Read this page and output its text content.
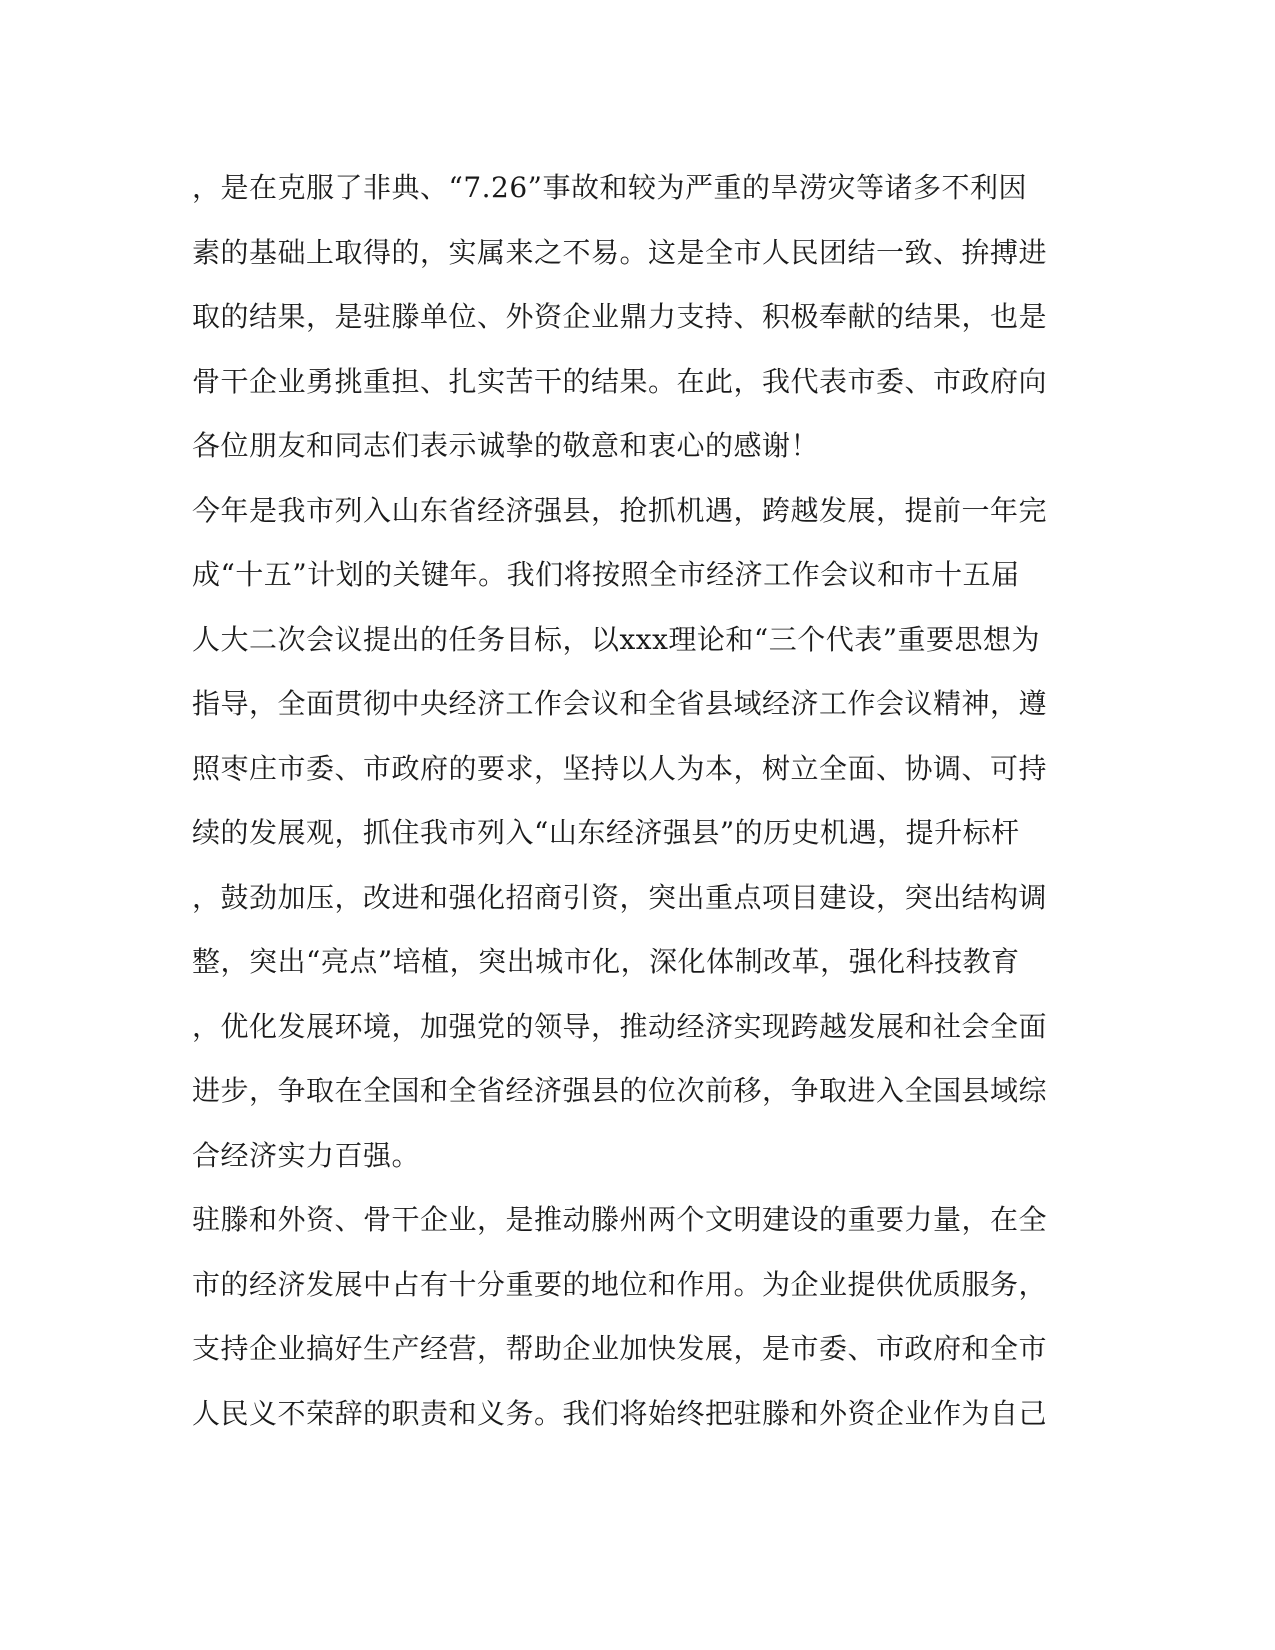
，是在克服了非典、“7.26”事故和较为严重的旱涝灾等诸多不利因
素的基础上取得的，实属来之不易。这是全市人民团结一致、拚搏进
取的结果，是驻滕单位、外资企业鼎力支持、积极奉献的结果，也是
骨干企业勇挑重担、扎实苦干的结果。在此，我代表市委、市政府向
各位朋友和同志们表示诚挚的敬意和衷心的感谢！
今年是我市列入山东省经济强县，抢抓机遇，跨越发展，提前一年完
成“十五”计划的关键年。我们将按照全市经济工作会议和市十五届
人大二次会议提出的任务目标，以xxx理论和“三个代表”重要思想为
指导，全面贯彻中央经济工作会议和全省县域经济工作会议精神，遵
照枣庄市委、市政府的要求，坚持以人为本，树立全面、协调、可持
续的发展观，抓住我市列入“山东经济强县”的历史机遇，提升标杆
，鼓劲加压，改进和强化招商引资，突出重点项目建设，突出结构调
整，突出“亮点”培植，突出城市化，深化体制改革，强化科技教育
，优化发展环境，加强党的领导，推动经济实现跨越发展和社会全面
进步，争取在全国和全省经济强县的位次前移，争取进入全国县域综
合经济实力百强。
驻滕和外资、骨干企业，是推动滕州两个文明建设的重要力量，在全
市的经济发展中占有十分重要的地位和作用。为企业提供优质服务，
支持企业搞好生产经营，帮助企业加快发展，是市委、市政府和全市
人民义不荣辞的职责和义务。我们将始终把驻滕和外资企业作为自己
